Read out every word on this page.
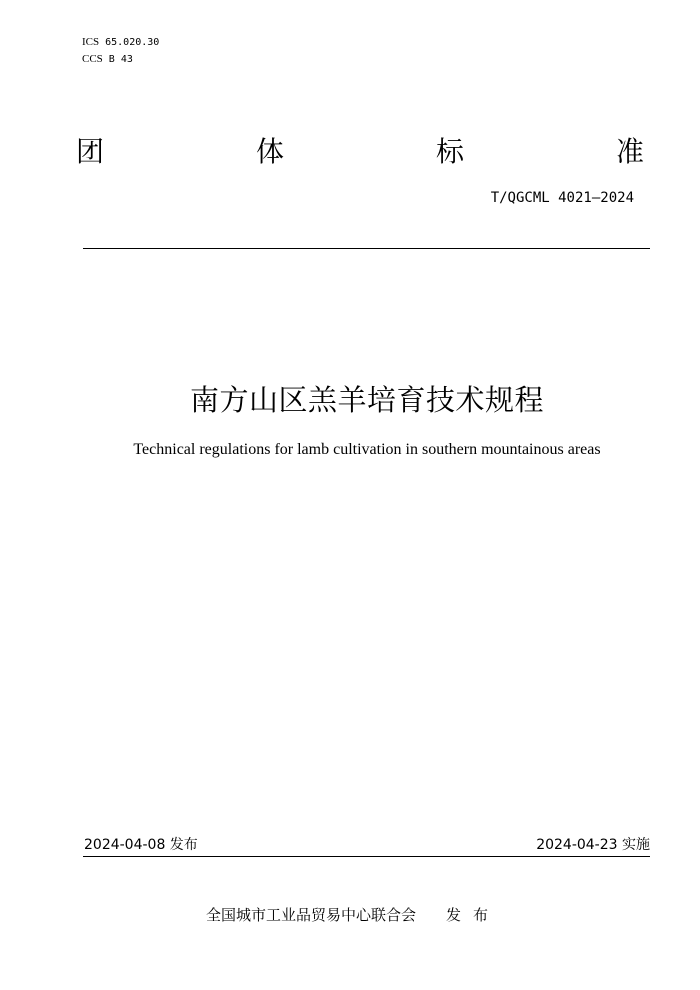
ICS 65.020.30
CCS B 43
团	体	标	准
T/QGCML 4021—2024
南方山区羔羊培育技术规程
Technical regulations for lamb cultivation in southern mountainous areas
2024-04-08 发布	2024-04-23 实施
全国城市工业品贸易中心联合会 发布
